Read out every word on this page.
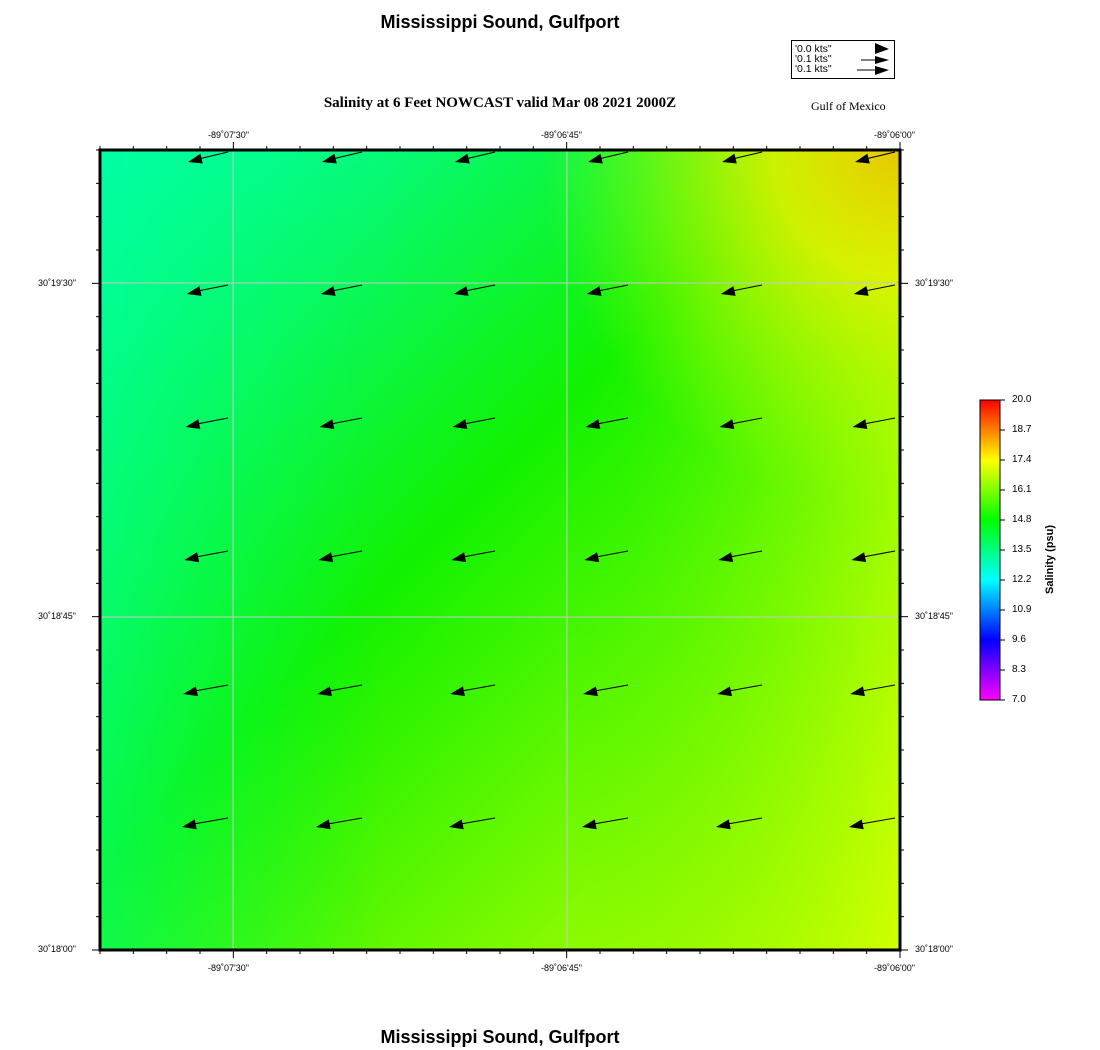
Mississippi Sound, Gulfport
Salinity at 6 Feet NOWCAST valid Mar 08 2021 2000Z	Gulf of Mexico
Mississippi Sound, Gulfport
'0.0 kts"
'0.1 kts"
'0.1 kts"
-89˚07'30"	-89˚06'45"	-89˚06'00"
-89˚07'30"	-89˚06'45"	-89˚06'00"
30˚19'30"
30˚18'45"
30˚18'00"
30˚19'30"
30˚18'45"
30˚18'00"
20.0
18.7
17.4
16.1
14.8
13.5
12.2
10.9
9.6
8.3
7.0
Salinity (psu)
